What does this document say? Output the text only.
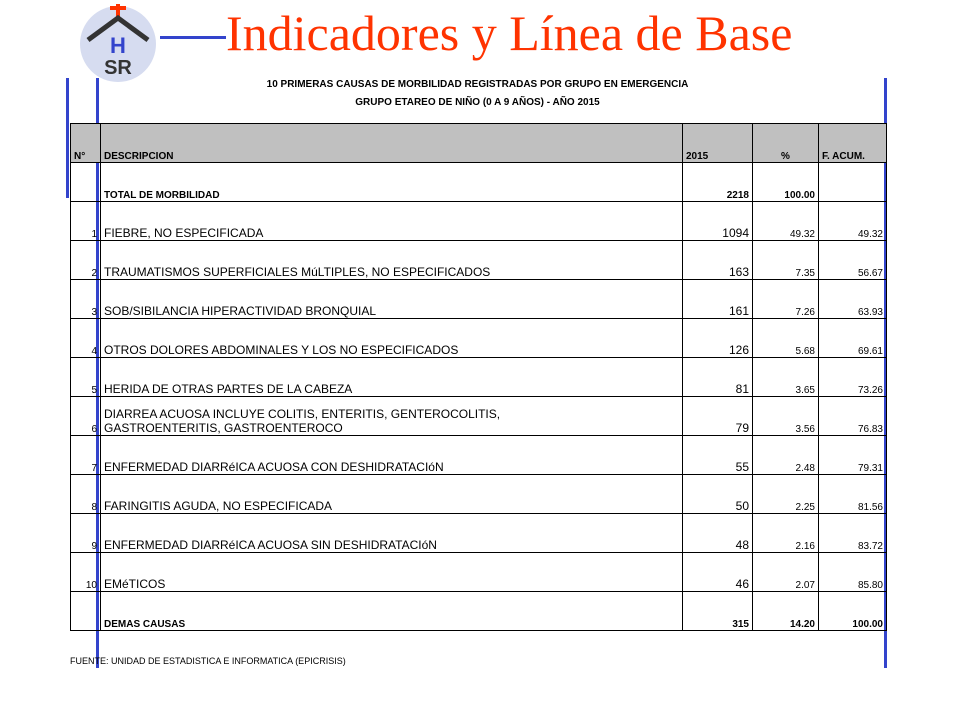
H
SR
Indicadores y Línea de Base
10 PRIMERAS CAUSAS DE MORBILIDAD REGISTRADAS POR GRUPO EN EMERGENCIA
GRUPO ETAREO DE NIÑO (0 A 9 AÑOS) - AÑO 2015
N°	DESCRIPCION	2015	%	F. ACUM.
	TOTAL DE MORBILIDAD	2218	100.00	
1	FIEBRE, NO ESPECIFICADA	1094	49.32	49.32
2	TRAUMATISMOS SUPERFICIALES MúLTIPLES, NO ESPECIFICADOS	163	7.35	56.67
3	SOB/SIBILANCIA HIPERACTIVIDAD BRONQUIAL	161	7.26	63.93
4	OTROS DOLORES ABDOMINALES Y LOS NO ESPECIFICADOS	126	5.68	69.61
5	HERIDA DE OTRAS PARTES DE LA CABEZA	81	3.65	73.26
6	DIARREA ACUOSA INCLUYE COLITIS, ENTERITIS, GENTEROCOLITIS, GASTROENTERITIS, GASTROENTEROCO	79	3.56	76.83
7	ENFERMEDAD DIARRéICA ACUOSA CON DESHIDRATACIóN	55	2.48	79.31
8	FARINGITIS AGUDA, NO ESPECIFICADA	50	2.25	81.56
9	ENFERMEDAD DIARRéICA ACUOSA SIN DESHIDRATACIóN	48	2.16	83.72
10	EMéTICOS	46	2.07	85.80
	DEMAS CAUSAS	315	14.20	100.00
FUENTE: UNIDAD DE ESTADISTICA E INFORMATICA (EPICRISIS)
